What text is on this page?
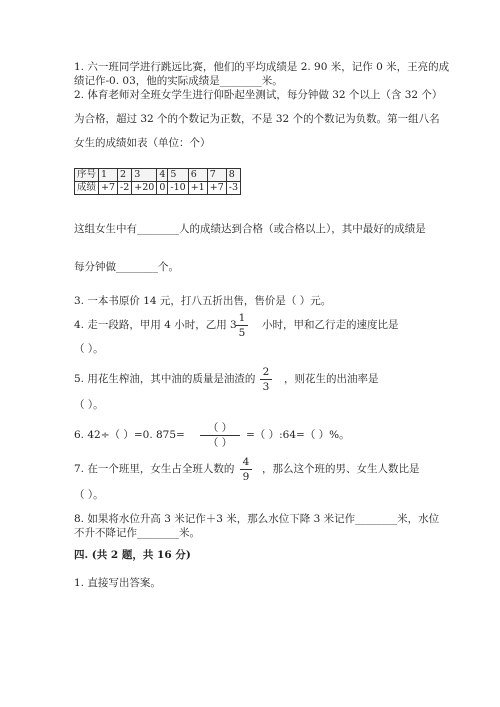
1. 六一班同学进行跳远比赛，他们的平均成绩是 2. 90 米，记作 0 米，王亮的成
绩记作-0. 03，他的实际成绩是________米。
2. 体育老师对全班女学生进行仰卧起坐测试，每分钟做 32 个以上（含 32 个）
为合格，超过 32 个的个数记为正数，不是 32 个的个数记为负数。第一组八名
女生的成绩如表（单位：个）
序号	1	2	3	4	5	6	7	8
成绩	+7	-2	+20	0	-10	+1	+7	-3
这组女生中有________人的成绩达到合格（或合格以上），其中最好的成绩是
每分钟做________个。
3. 一本书原价 14 元，打八五折出售，售价是（ ）元。
4. 走一段路，甲用 4 小时，乙用 3
1
5
小时，甲和乙行走的速度比是
（ ）。
5. 用花生榨油，其中油的质量是油渣的
2
3
，则花生的出油率是
（ ）。
6. 42÷（ ）=0. 875=
（ ）
（ ）
=（ ）:64=（ ）%。
7. 在一个班里，女生占全班人数的
4
9
，那么这个班的男、女生人数比是
（ ）。
8. 如果将水位升高 3 米记作＋3 米，那么水位下降 3 米记作________米，水位
不升不降记作________米。
四. (共 2 题，共 16 分)
1. 直接写出答案。
